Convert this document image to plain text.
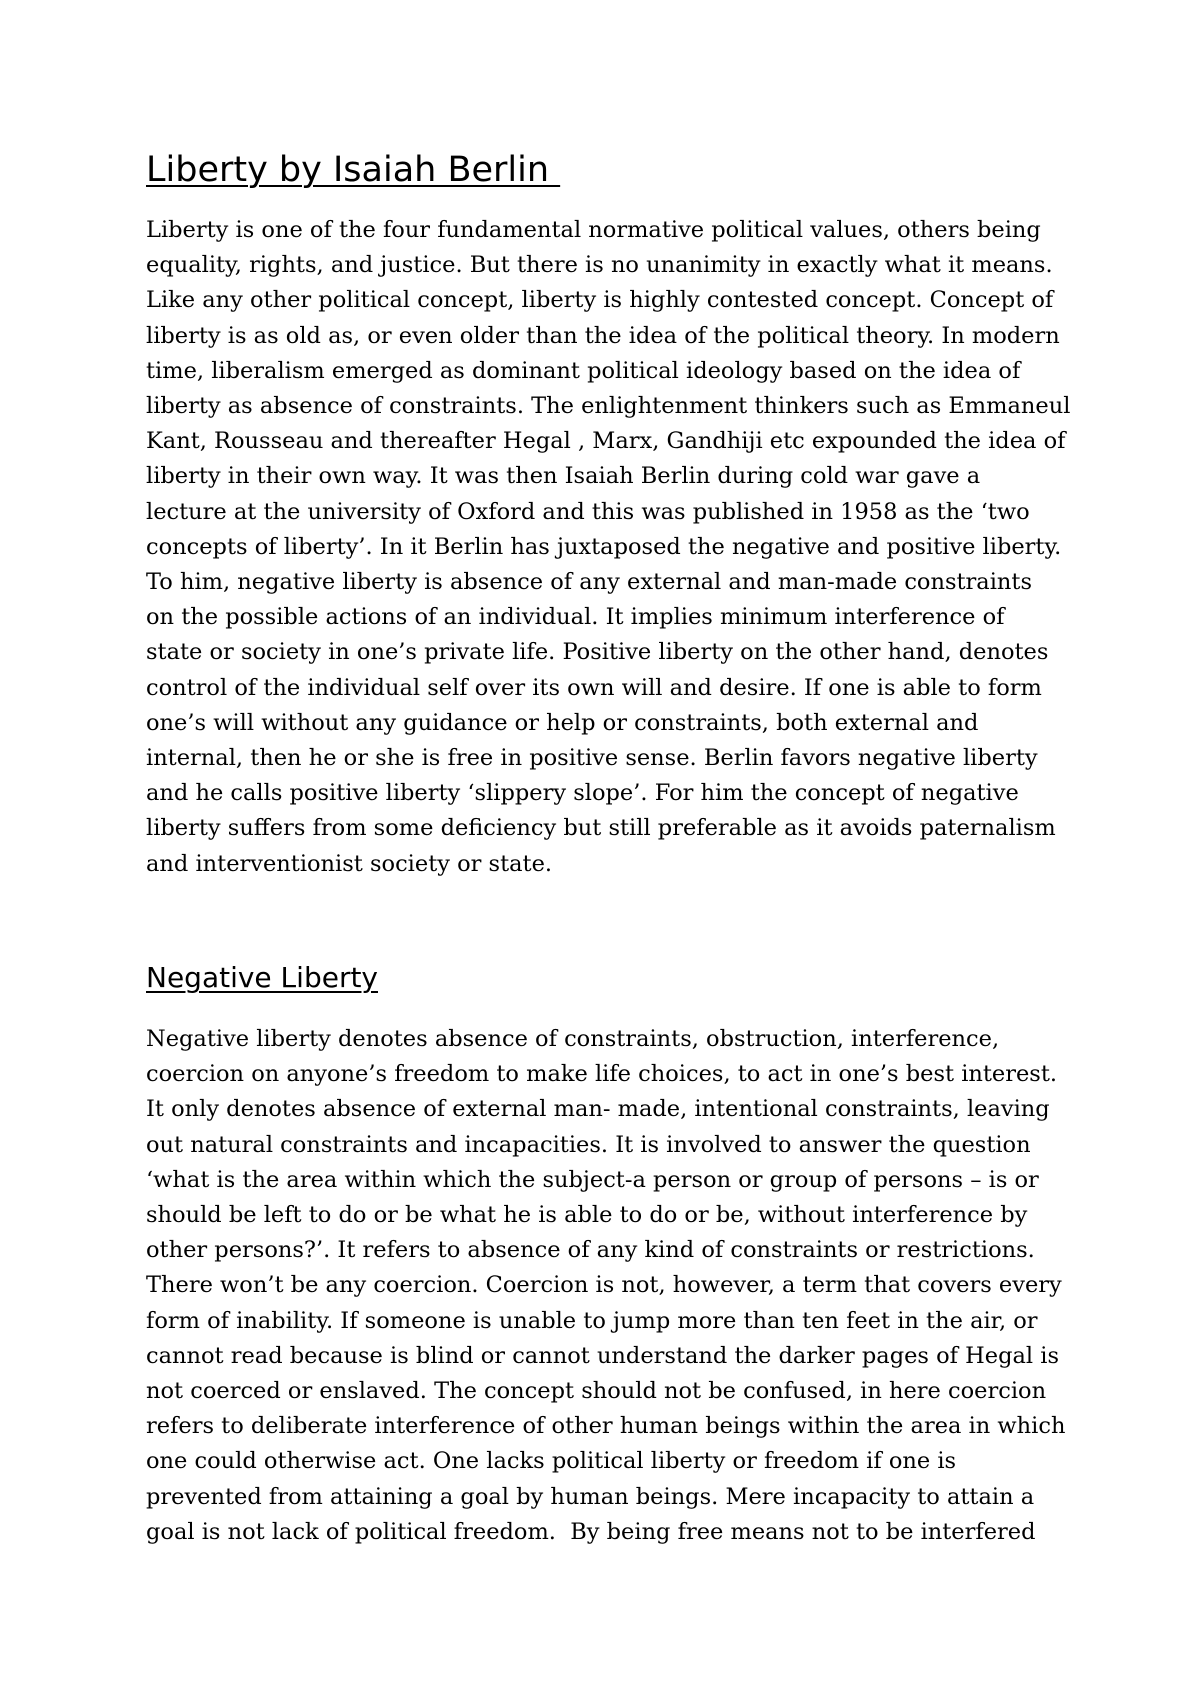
Liberty by Isaiah Berlin
Liberty is one of the four fundamental normative political values, others being
equality, rights, and justice. But there is no unanimity in exactly what it means.
Like any other political concept, liberty is highly contested concept. Concept of
liberty is as old as, or even older than the idea of the political theory. In modern
time, liberalism emerged as dominant political ideology based on the idea of
liberty as absence of constraints. The enlightenment thinkers such as Emmaneul
Kant, Rousseau and thereafter Hegal , Marx, Gandhiji etc expounded the idea of
liberty in their own way. It was then Isaiah Berlin during cold war gave a
lecture at the university of Oxford and this was published in 1958 as the ‘two
concepts of liberty’. In it Berlin has juxtaposed the negative and positive liberty.
To him, negative liberty is absence of any external and man-made constraints
on the possible actions of an individual. It implies minimum interference of
state or society in one’s private life. Positive liberty on the other hand, denotes
control of the individual self over its own will and desire. If one is able to form
one’s will without any guidance or help or constraints, both external and
internal, then he or she is free in positive sense. Berlin favors negative liberty
and he calls positive liberty ‘slippery slope’. For him the concept of negative
liberty suffers from some deficiency but still preferable as it avoids paternalism
and interventionist society or state.
Negative Liberty
Negative liberty denotes absence of constraints, obstruction, interference,
coercion on anyone’s freedom to make life choices, to act in one’s best interest.
It only denotes absence of external man- made, intentional constraints, leaving
out natural constraints and incapacities. It is involved to answer the question
‘what is the area within which the subject-a person or group of persons – is or
should be left to do or be what he is able to do or be, without interference by
other persons?’. It refers to absence of any kind of constraints or restrictions.
There won’t be any coercion. Coercion is not, however, a term that covers every
form of inability. If someone is unable to jump more than ten feet in the air, or
cannot read because is blind or cannot understand the darker pages of Hegal is
not coerced or enslaved. The concept should not be confused, in here coercion
refers to deliberate interference of other human beings within the area in which
one could otherwise act. One lacks political liberty or freedom if one is
prevented from attaining a goal by human beings. Mere incapacity to attain a
goal is not lack of political freedom.  By being free means not to be interfered
